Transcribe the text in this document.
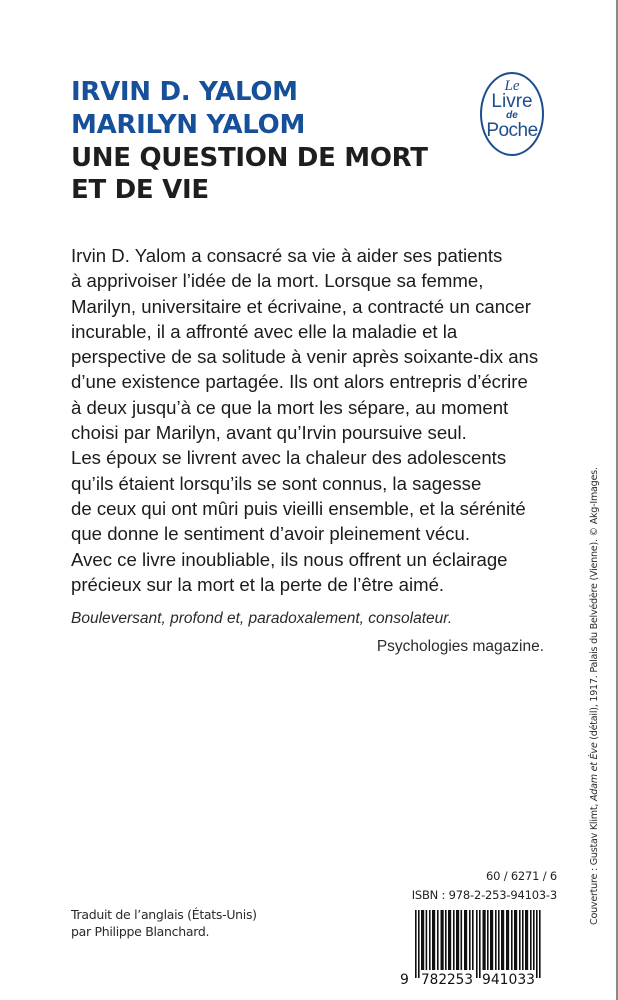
IRVIN D. YALOM
MARILYN YALOM
UNE QUESTION DE MORT
ET DE VIE
Le
Livre
de
Poche
Irvin D. Yalom a consacré sa vie à aider ses patients
à apprivoiser l’idée de la mort. Lorsque sa femme,
Marilyn, universitaire et écrivaine, a contracté un cancer
incurable, il a affronté avec elle la maladie et la
perspective de sa solitude à venir après soixante-dix ans
d’une existence partagée. Ils ont alors entrepris d’écrire
à deux jusqu’à ce que la mort les sépare, au moment
choisi par Marilyn, avant qu’Irvin poursuive seul.
Les époux se livrent avec la chaleur des adolescents
qu’ils étaient lorsqu’ils se sont connus, la sagesse
de ceux qui ont mûri puis vieilli ensemble, et la sérénité
que donne le sentiment d’avoir pleinement vécu.
Avec ce livre inoubliable, ils nous offrent un éclairage
précieux sur la mort et la perte de l’être aimé.

Bouleversant, profond et, paradoxalement, consolateur.

Psychologies magazine.

60 / 6271 / 6
ISBN : 978-2-253-94103-3
Traduit de l’anglais (États-Unis)
par Philippe Blanchard.
9 782253 941033
Couverture : Gustav Klimt, Adam et Ève (détail), 1917. Palais du Belvédère (Vienne). © Akg-Images.
